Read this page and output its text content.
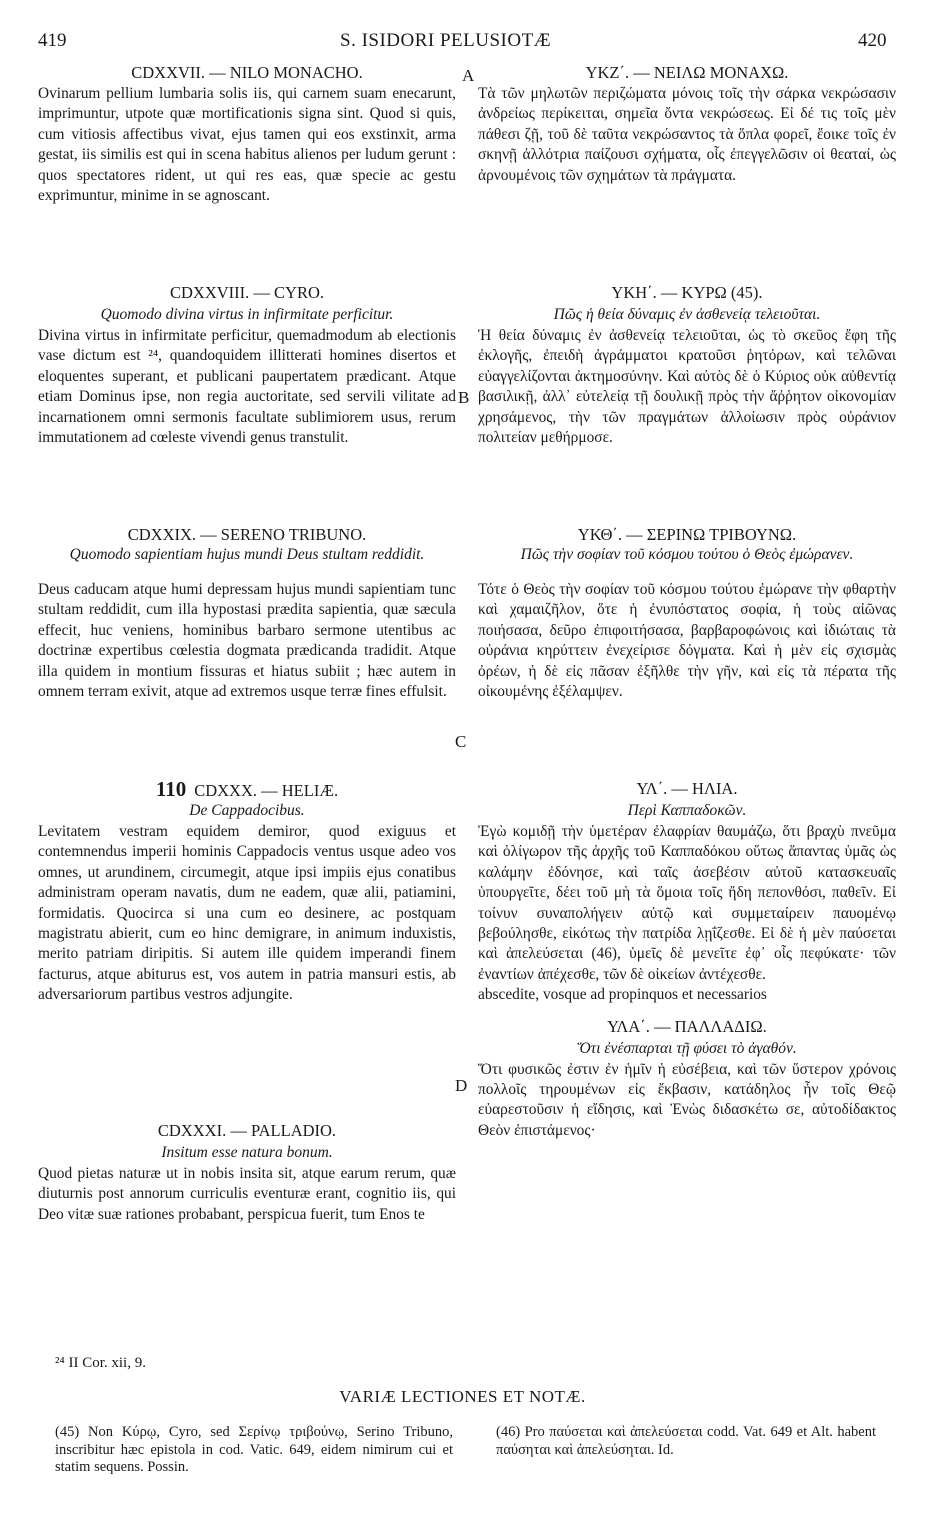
419	S. ISIDORI PELUSIOTÆ	420
A
B
C
D
CDXXVII. — NILO MONACHO.
Ovinarum pellium lumbaria solis iis, qui carnem suam enecarunt, imprimuntur, utpote quæ mortificationis signa sint. Quod si quis, cum vitiosis affectibus vivat, ejus tamen qui eos exstinxit, arma gestat, iis similis est qui in scena habitus alienos per ludum gerunt : quos spectatores rident, ut qui res eas, quæ specie ac gestu exprimuntur, minime in se agnoscant.
CDXXVIII. — CYRO.
Quomodo divina virtus in infirmitate perficitur.
Divina virtus in infirmitate perficitur, quemadmodum ab electionis vase dictum est ²⁴, quandoquidem illitterati homines disertos et eloquentes superant, et publicani paupertatem prædicant. Atque etiam Dominus ipse, non regia auctoritate, sed servili vilitate ad incarnationem omni sermonis facultate sublimiorem usus, rerum immutationem ad cœleste vivendi genus transtulit.
CDXXIX. — SERENO TRIBUNO.
Quomodo sapientiam hujus mundi Deus stultam reddidit.
Deus caducam atque humi depressam hujus mundi sapientiam tunc stultam reddidit, cum illa hypostasi prædita sapientia, quæ sæcula effecit, huc veniens, hominibus barbaro sermone utentibus ac doctrinæ expertibus cœlestia dogmata prædicanda tradidit. Atque illa quidem in montium fissuras et hiatus subiit ; hæc autem in omnem terram exivit, atque ad extremos usque terræ fines effulsit.
110 CDXXX. — HELIÆ.
De Cappadocibus.
Levitatem vestram equidem demiror, quod exiguus et contemnendus imperii hominis Cappadocis ventus usque adeo vos omnes, ut arundinem, circumegit, atque ipsi impiis ejus conatibus administram operam navatis, dum ne eadem, quæ alii, patiamini, formidatis. Quocirca si una cum eo desinere, ac postquam magistratu abierit, cum eo hinc demigrare, in animum induxistis, merito patriam diripitis. Si autem ille quidem imperandi finem facturus, atque abiturus est, vos autem in patria mansuri estis, ab adversariorum partibus vestros adjungite.
CDXXXI. — PALLADIO.
Insitum esse natura bonum.
Quod pietas naturæ ut in nobis insita sit, atque earum rerum, quæ diuturnis post annorum curriculis eventuræ erant, cognitio iis, qui Deo vitæ suæ rationes probabant, perspicua fuerit, tum Enos te
ΥΚΖ΄. — ΝΕΙΛΩ ΜΟΝΑΧΩ.
Τὰ τῶν μηλωτῶν περιζώματα μόνοις τοῖς τὴν σάρκα νεκρώσασιν ἀνδρείως περίκειται, σημεῖα ὄντα νεκρώσεως. Εἰ δέ τις τοῖς μὲν πάθεσι ζῇ, τοῦ δὲ ταῦτα νεκρώσαντος τὰ ὅπλα φορεῖ, ἔοικε τοῖς ἐν σκηνῇ ἀλλότρια παίζουσι σχήματα, οἷς ἐπεγγελῶσιν οἱ θεαταί, ὡς ἀρνουμένοις τῶν σχημάτων τὰ πράγματα.
ΥΚΗ΄. — ΚΥΡΩ (45).
Πῶς ἡ θεία δύναμις ἐν ἀσθενείᾳ τελειοῦται.
Ἡ θεία δύναμις ἐν ἀσθενείᾳ τελειοῦται, ὡς τὸ σκεῦος ἔφη τῆς ἐκλογῆς, ἐπειδὴ ἀγράμματοι κρατοῦσι ῥητόρων, καὶ τελῶναι εὐαγγελίζονται ἀκτημοσύνην. Καὶ αὐτὸς δὲ ὁ Κύριος οὐκ αὐθεντίᾳ βασιλικῇ, ἀλλ᾽ εὐτελείᾳ τῇ δουλικῇ πρὸς τὴν ἄῤῥητον οἰκονομίαν χρησάμενος, τὴν τῶν πραγμάτων ἀλλοίωσιν πρὸς οὐράνιον πολιτείαν μεθήρμοσε.
ΥΚΘ΄. — ΣΕΡΙΝΩ ΤΡΙΒΟΥΝΩ.
Πῶς τὴν σοφίαν τοῦ κόσμου τούτου ὁ Θεὸς ἐμώρανεν.
Τότε ὁ Θεὸς τὴν σοφίαν τοῦ κόσμου τούτου ἐμώρανε τὴν φθαρτὴν καὶ χαμαιζῆλον, ὅτε ἡ ἐνυπόστατος σοφία, ἡ τοὺς αἰῶνας ποιήσασα, δεῦρο ἐπιφοιτήσασα, βαρβαροφώνοις καὶ ἰδιώταις τὰ οὐράνια κηρύττειν ἐνεχείρισε δόγματα. Καὶ ἡ μὲν εἰς σχισμὰς ὀρέων, ἡ δὲ εἰς πᾶσαν ἐξῆλθε τὴν γῆν, καὶ εἰς τὰ πέρατα τῆς οἰκουμένης ἐξέλαμψεν.
ΥΛ΄. — ΗΛΙΑ.
Περὶ Καππαδοκῶν.
Ἐγὼ κομιδῇ τὴν ὑμετέραν ἐλαφρίαν θαυμάζω, ὅτι βραχὺ πνεῦμα καὶ ὀλίγωρον τῆς ἀρχῆς τοῦ Καππαδόκου οὕτως ἅπαντας ὑμᾶς ὡς καλάμην ἐδόνησε, καὶ ταῖς ἀσεβέσιν αὐτοῦ κατασκευαῖς ὑπουργεῖτε, δέει τοῦ μὴ τὰ ὅμοια τοῖς ἤδη πεπονθόσι, παθεῖν. Εἰ τοίνυν συναπολήγειν αὐτῷ καὶ συμμεταίρειν παυομένῳ βεβούλησθε, εἰκότως τὴν πατρίδα λῃΐζεσθε. Εἰ δὲ ἡ μὲν παύσεται καὶ ἀπελεύσεται (46), ὑμεῖς δὲ μενεῖτε ἐφ᾽ οἷς πεφύκατε· τῶν ἐναντίων ἀπέχεσθε, τῶν δὲ οἰκείων ἀντέχεσθε.
abscedite, vosque ad propinquos et necessarios
ΥΛΑ΄. — ΠΑΛΛΑΔΙΩ.
Ὅτι ἐνέσπαρται τῇ φύσει τὸ ἀγαθόν.
Ὅτι φυσικῶς ἐστιν ἐν ἡμῖν ἡ εὐσέβεια, καὶ τῶν ὕστερον χρόνοις πολλοῖς τηρουμένων εἰς ἔκβασιν, κατάδηλος ἦν τοῖς Θεῷ εὐαρεστοῦσιν ἡ εἴδησις, καὶ Ἐνὼς διδασκέτω σε, αὐτοδίδακτος Θεὸν ἐπιστάμενος·
²⁴ II Cor. xii, 9.
VARIÆ LECTIONES ET NOTÆ.
(45) Non Κύρῳ, Cyro, sed Σερίνῳ τριβούνῳ, Serino Tribuno, inscribitur hæc epistola in cod. Vatic. 649, eidem nimirum cui et statim sequens. Possin.
(46) Pro παύσεται καὶ ἀπελεύσεται codd. Vat. 649 et Alt. habent παύσηται καὶ ἀπελεύσηται. Id.
